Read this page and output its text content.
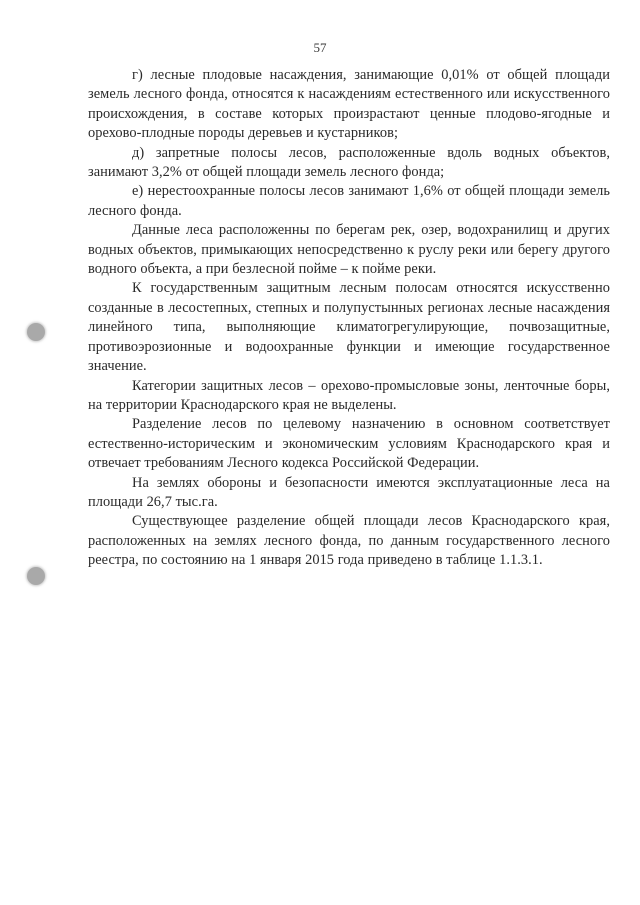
57

г) лесные плодовые насаждения, занимающие 0,01% от общей площади земель лесного фонда, относятся к насаждениям естественного или искусственного происхождения, в составе которых произрастают ценные плодово-ягодные и орехово-плодные породы деревьев и кустарников;

д) запретные полосы лесов, расположенные вдоль водных объектов, занимают 3,2% от общей площади земель лесного фонда;

е) нерестоохранные полосы лесов занимают 1,6% от общей площади земель лесного фонда.

Данные леса расположенны по берегам рек, озер, водохранилищ и других водных объектов, примыкающих непосредственно к руслу реки или берегу другого водного объекта, а при безлесной пойме – к пойме реки.

К государственным защитным лесным полосам относятся искусственно созданные в лесостепных, степных и полупустынных регионах лесные насаждения линейного типа, выполняющие климатогрегулирующие, почвозащитные, противоэрозионные и водоохранные функции и имеющие государственное значение.

Категории защитных лесов – орехово-промысловые зоны, ленточные боры, на территории Краснодарского края не выделены.

Разделение лесов по целевому назначению в основном соответствует естественно-историческим и экономическим условиям Краснодарского края и отвечает требованиям Лесного кодекса Российской Федерации.

На землях обороны и безопасности имеются эксплуатационные леса на площади 26,7 тыс.га.

Существующее разделение общей площади лесов Краснодарского края, расположенных на землях лесного фонда, по данным государственного лесного реестра, по состоянию на 1 января 2015 года приведено в таблице 1.1.3.1.
